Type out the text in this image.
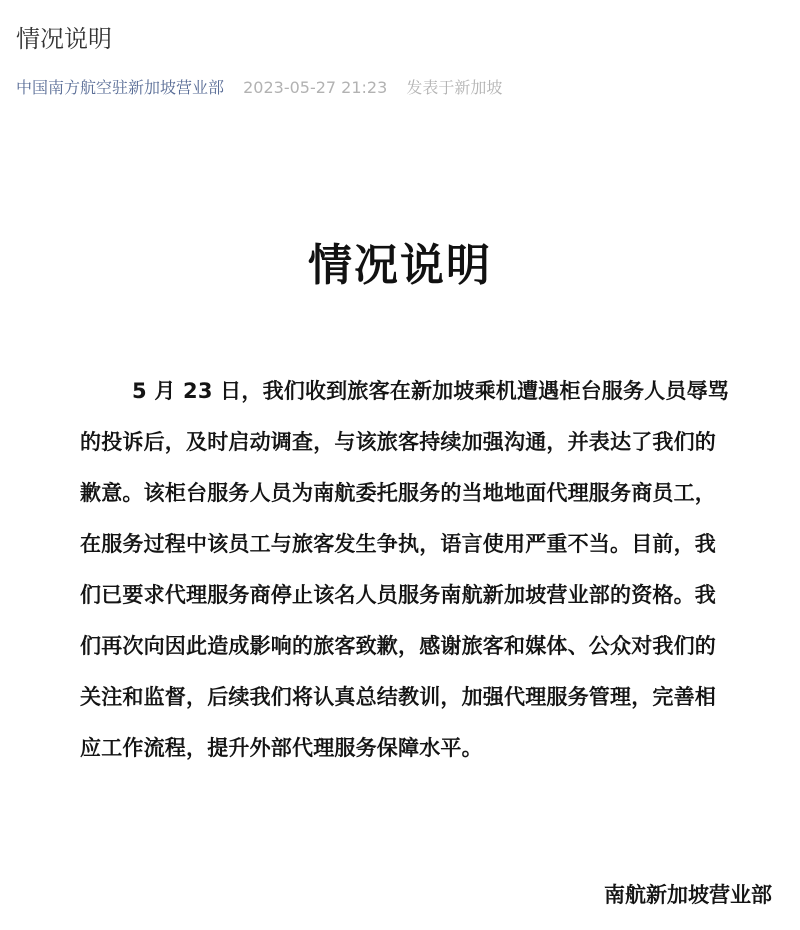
情况说明
中国南方航空驻新加坡营业部 2023-05-27 21:23 发表于新加坡
情况说明
5 月 23 日，我们收到旅客在新加坡乘机遭遇柜台服务人员辱骂
的投诉后，及时启动调查，与该旅客持续加强沟通，并表达了我们的
歉意。该柜台服务人员为南航委托服务的当地地面代理服务商员工，
在服务过程中该员工与旅客发生争执，语言使用严重不当。目前，我
们已要求代理服务商停止该名人员服务南航新加坡营业部的资格。我
们再次向因此造成影响的旅客致歉，感谢旅客和媒体、公众对我们的
关注和监督，后续我们将认真总结教训，加强代理服务管理，完善相
应工作流程，提升外部代理服务保障水平。

南航新加坡营业部
